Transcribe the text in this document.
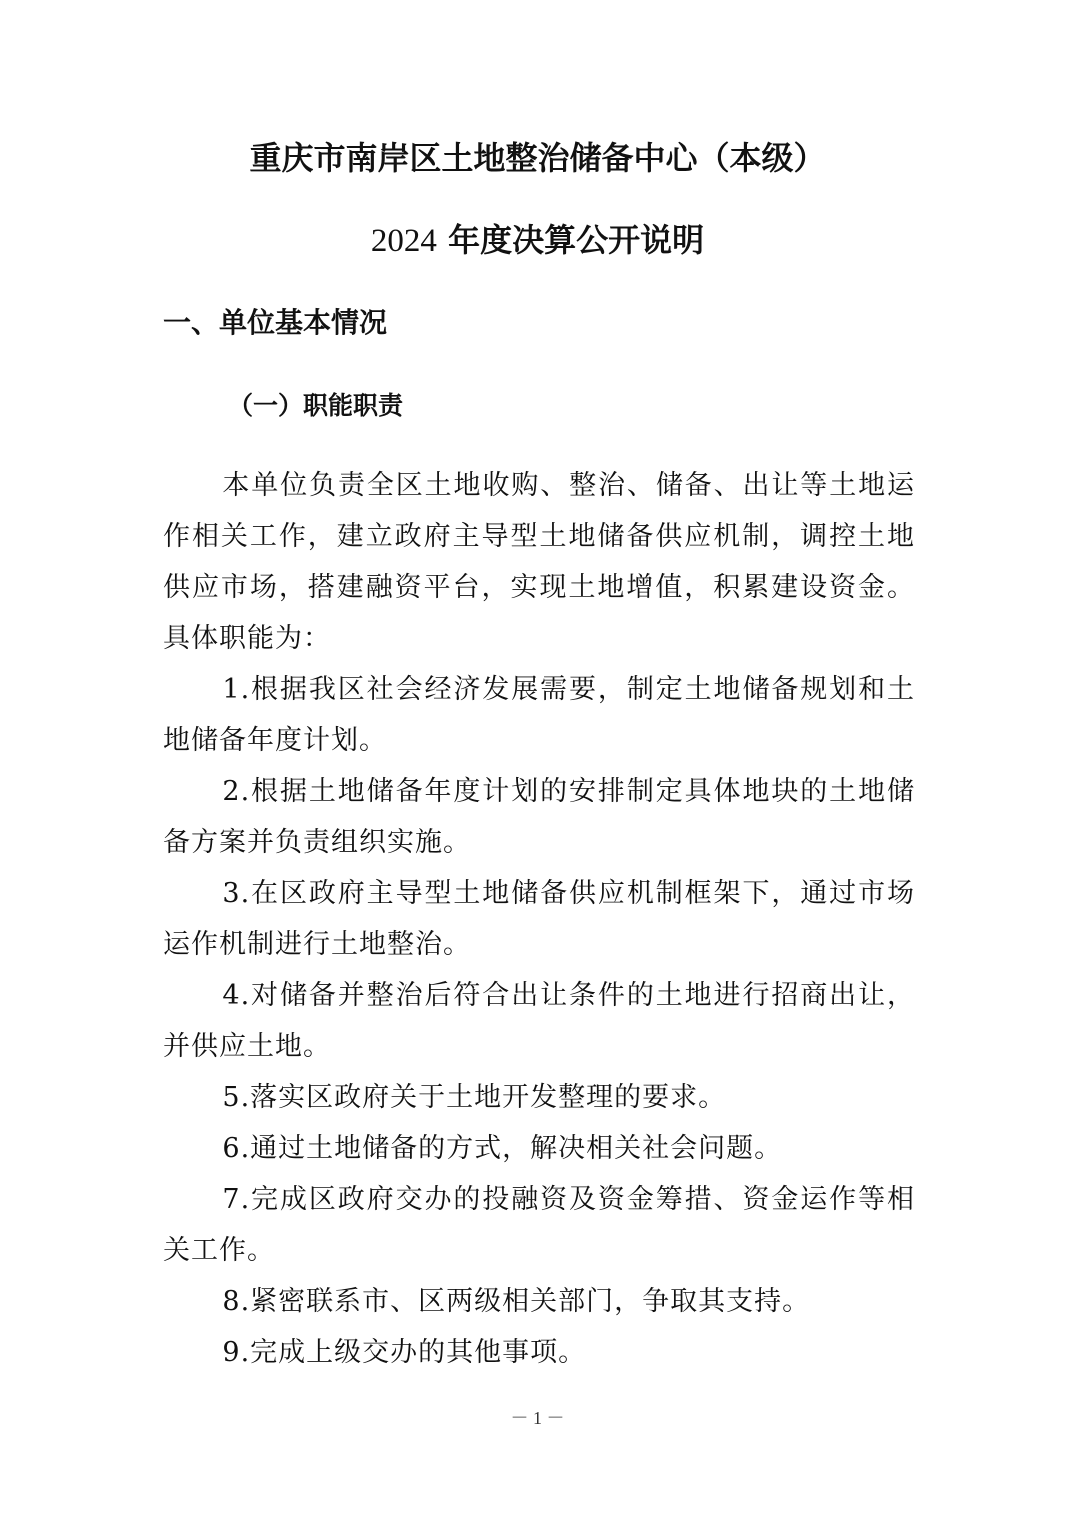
重庆市南岸区土地整治储备中心（本级）
2024 年度决算公开说明
一、单位基本情况
（一）职能职责

本单位负责全区土地收购、整治、储备、出让等土地运作相关工作，建立政府主导型土地储备供应机制，调控土地供应市场，搭建融资平台，实现土地增值，积累建设资金。具体职能为：

1.根据我区社会经济发展需要，制定土地储备规划和土地储备年度计划。

2.根据土地储备年度计划的安排制定具体地块的土地储备方案并负责组织实施。

3.在区政府主导型土地储备供应机制框架下，通过市场运作机制进行土地整治。

4.对储备并整治后符合出让条件的土地进行招商出让，并供应土地。

5.落实区政府关于土地开发整理的要求。

6.通过土地储备的方式，解决相关社会问题。

7.完成区政府交办的投融资及资金筹措、资金运作等相关工作。

8.紧密联系市、区两级相关部门，争取其支持。

9.完成上级交办的其他事项。

－ 1 －
